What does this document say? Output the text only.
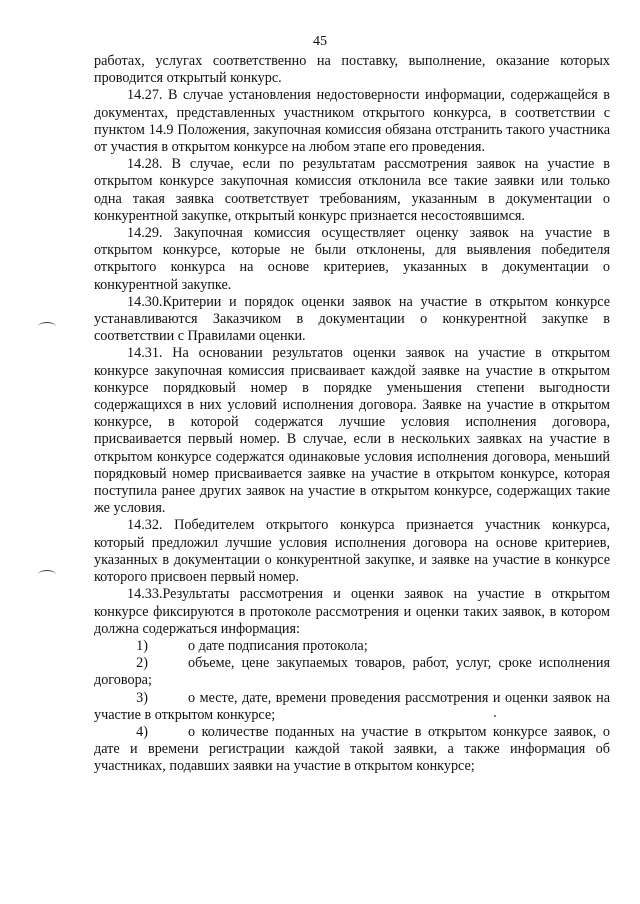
45

работах, услугах соответственно на поставку, выполнение, оказание которых проводится открытый конкурс.

14.27. В случае установления недостоверности информации, содержащейся в документах, представленных участником открытого конкурса, в соответствии с пунктом 14.9 Положения, закупочная комиссия обязана отстранить такого участника от участия в открытом конкурсе на любом этапе его проведения.

14.28. В случае, если по результатам рассмотрения заявок на участие в открытом конкурсе закупочная комиссия отклонила все такие заявки или только одна такая заявка соответствует требованиям, указанным в документации о конкурентной закупке, открытый конкурс признается несостоявшимся.

14.29. Закупочная комиссия осуществляет оценку заявок на участие в открытом конкурсе, которые не были отклонены, для выявления победителя открытого конкурса на основе критериев, указанных в документации о конкурентной закупке.

14.30.Критерии и порядок оценки заявок на участие в открытом конкурсе устанавливаются Заказчиком в документации о конкурентной закупке в соответствии с Правилами оценки.

14.31. На основании результатов оценки заявок на участие в открытом конкурсе закупочная комиссия присваивает каждой заявке на участие в открытом конкурсе порядковый номер в порядке уменьшения степени выгодности содержащихся в них условий исполнения договора. Заявке на участие в открытом конкурсе, в которой содержатся лучшие условия исполнения договора, присваивается первый номер. В случае, если в нескольких заявках на участие в открытом конкурсе содержатся одинаковые условия исполнения договора, меньший порядковый номер присваивается заявке на участие в открытом конкурсе, которая поступила ранее других заявок на участие в открытом конкурсе, содержащих такие же условия.

14.32. Победителем открытого конкурса признается участник конкурса, который предложил лучшие условия исполнения договора на основе критериев, указанных в документации о конкурентной закупке, и заявке на участие в конкурсе которого присвоен первый номер.

14.33.Результаты рассмотрения и оценки заявок на участие в открытом конкурсе фиксируются в протоколе рассмотрения и оценки таких заявок, в котором должна содержаться информация:

1)	о дате подписания протокола;

2)	объеме, цене закупаемых товаров, работ, услуг, сроке исполнения договора;

3)	о месте, дате, времени проведения рассмотрения и оценки заявок на участие в открытом конкурсе;

4)	о количестве поданных на участие в открытом конкурсе заявок, о дате и времени регистрации каждой такой заявки, а также информация об участниках, подавших заявки на участие в открытом конкурсе;
